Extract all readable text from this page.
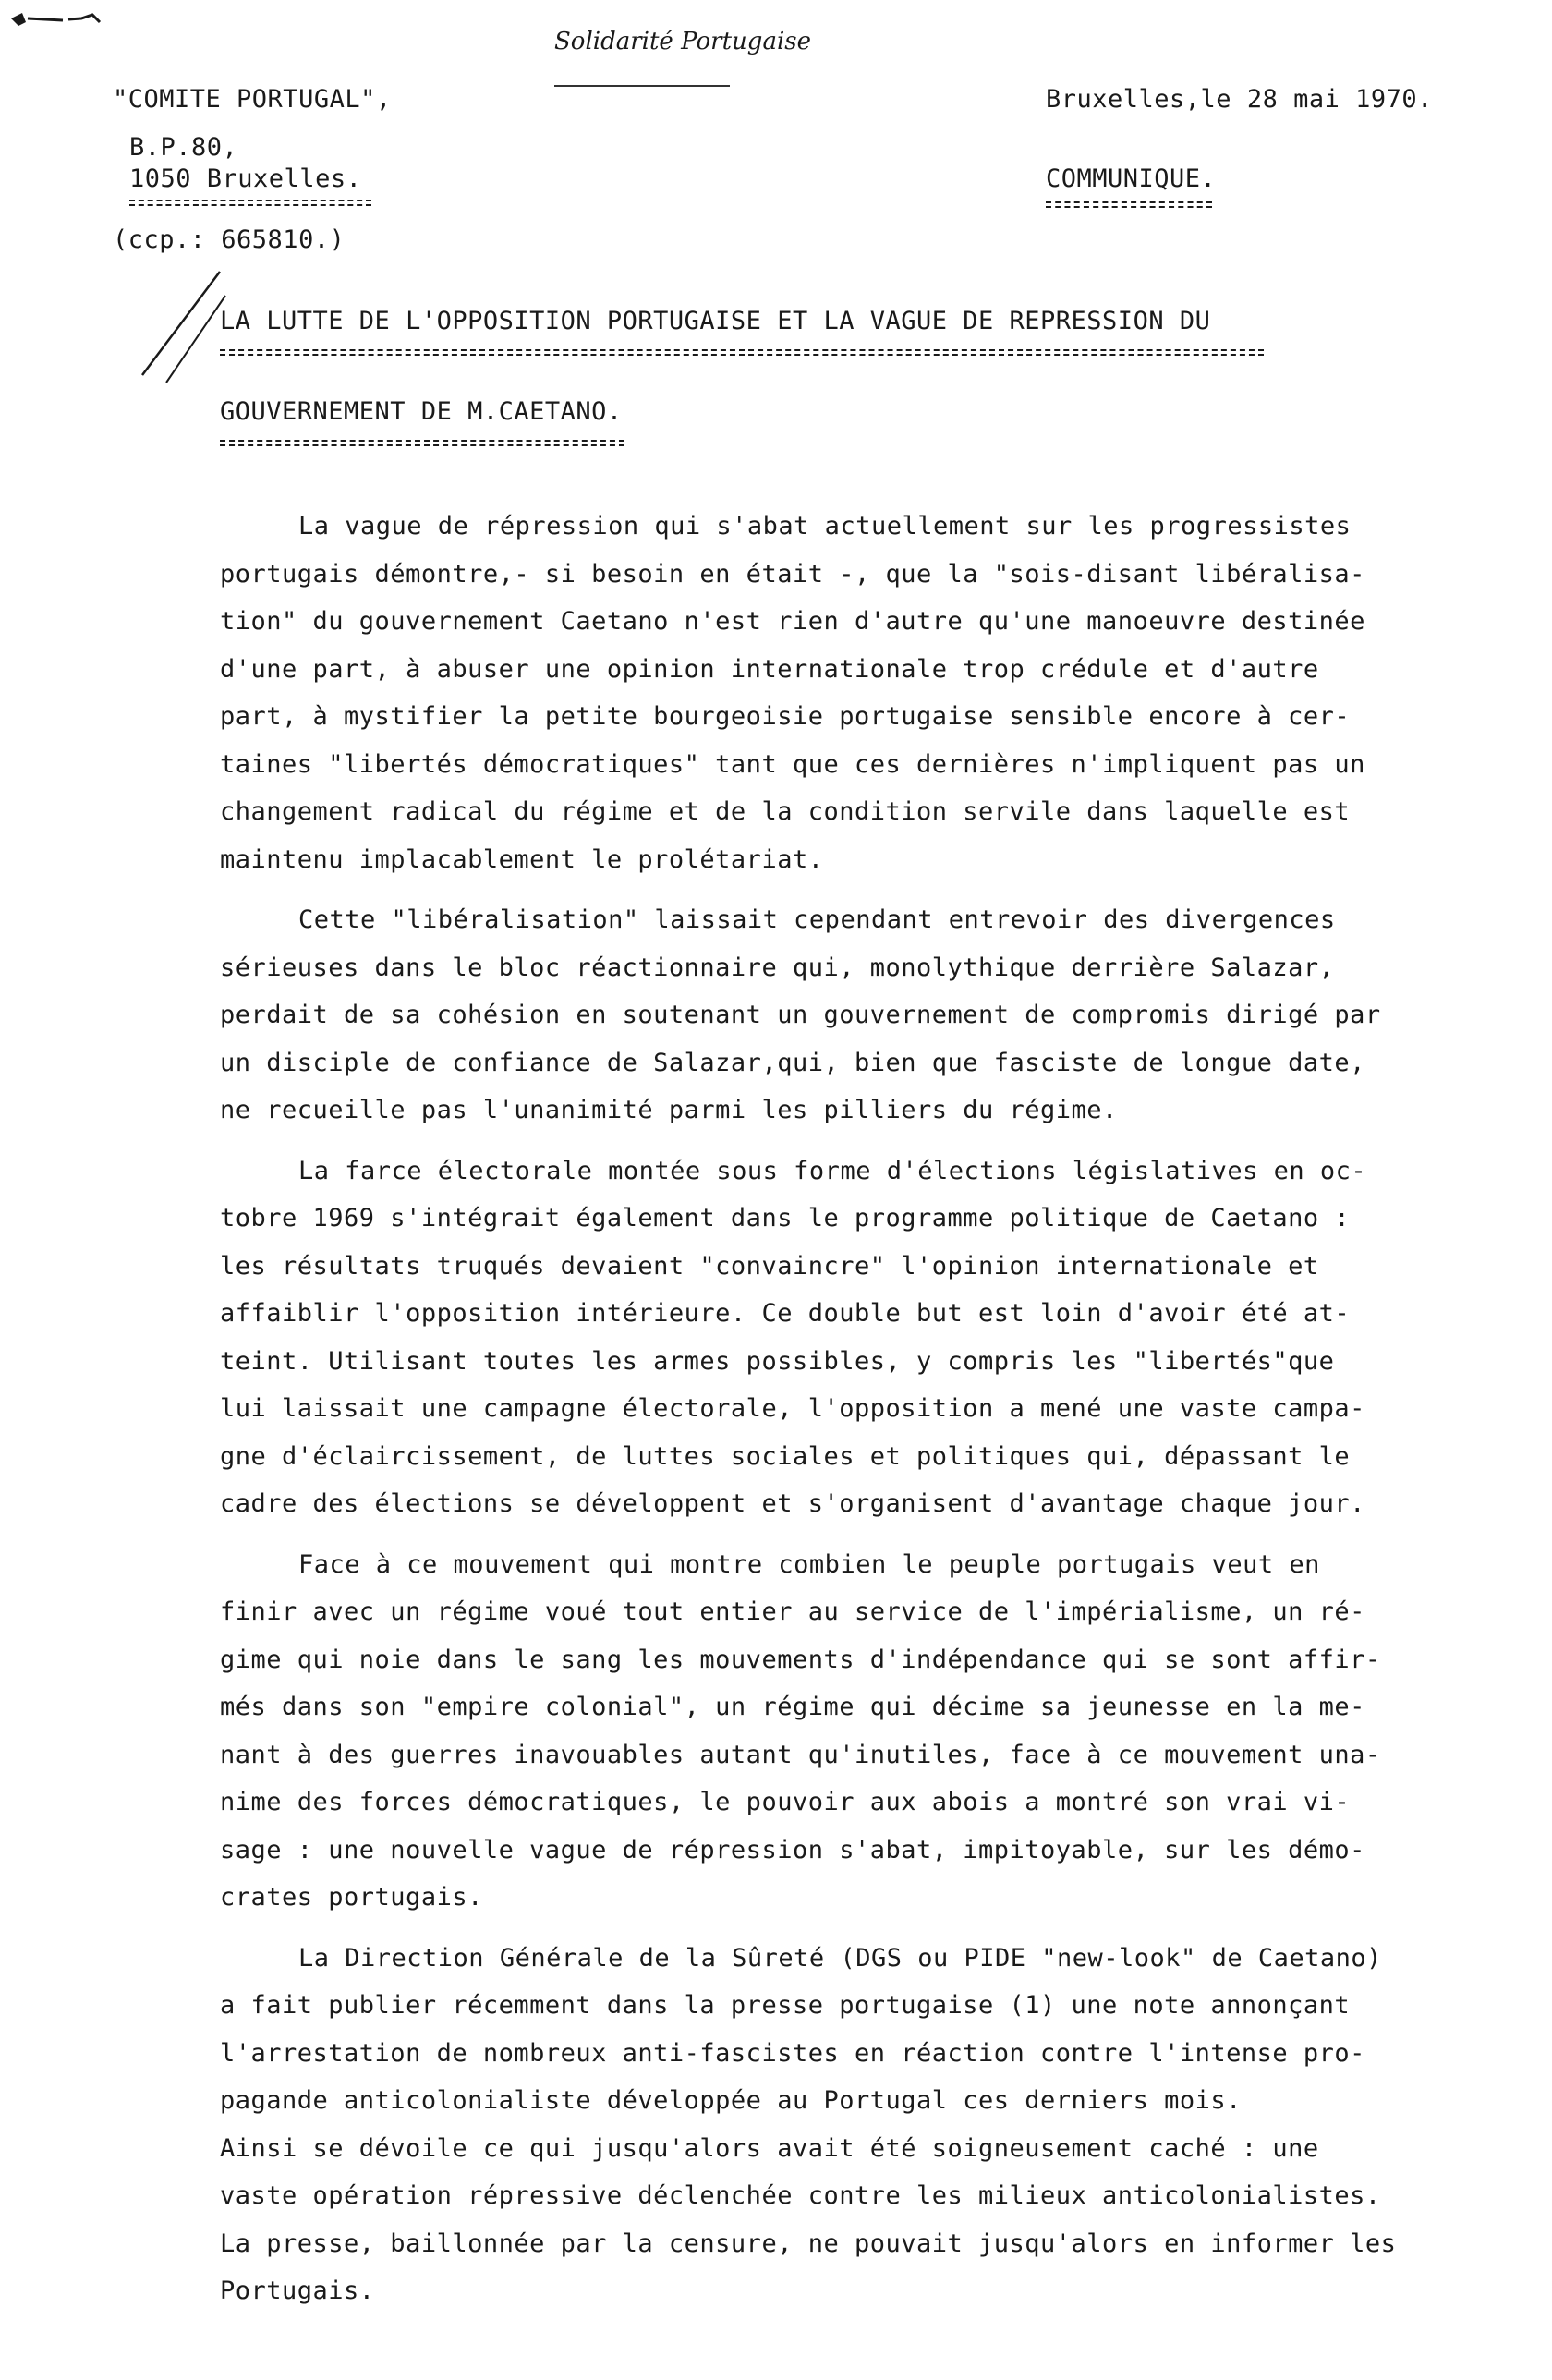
Solidarité Portugaise
"COMITE PORTUGAL",
B.P.80,
1050 Bruxelles.
(ccp.: 665810.)
Bruxelles,le 28 mai 1970.
COMMUNIQUE.
LA LUTTE DE L'OPPOSITION PORTUGAISE ET LA VAGUE DE REPRESSION DU
GOUVERNEMENT DE M.CAETANO.
La vague de répression qui s'abat actuellement sur les progressistes
portugais démontre,- si besoin en était -, que la "sois-disant libéralisa-
tion" du gouvernement Caetano n'est rien d'autre qu'une manoeuvre destinée
d'une part, à abuser une opinion internationale trop crédule et d'autre
part, à mystifier la petite bourgeoisie portugaise sensible encore à cer-
taines "libertés démocratiques" tant que ces dernières n'impliquent pas un
changement radical du régime et de la condition servile dans laquelle est
maintenu implacablement le prolétariat.
Cette "libéralisation" laissait cependant entrevoir des divergences
sérieuses dans le bloc réactionnaire qui, monolythique derrière Salazar,
perdait de sa cohésion en soutenant un gouvernement de compromis dirigé par
un disciple de confiance de Salazar,qui, bien que fasciste de longue date,
ne recueille pas l'unanimité parmi les pilliers du régime.
La farce électorale montée sous forme d'élections législatives en oc-
tobre 1969 s'intégrait également dans le programme politique de Caetano :
les résultats truqués devaient "convaincre" l'opinion internationale et
affaiblir l'opposition intérieure. Ce double but est loin d'avoir été at-
teint. Utilisant toutes les armes possibles, y compris les "libertés"que
lui laissait une campagne électorale, l'opposition a mené une vaste campa-
gne d'éclaircissement, de luttes sociales et politiques qui, dépassant le
cadre des élections se développent et s'organisent d'avantage chaque jour.
Face à ce mouvement qui montre combien le peuple portugais veut en
finir avec un régime voué tout entier au service de l'impérialisme, un ré-
gime qui noie dans le sang les mouvements d'indépendance qui se sont affir-
més dans son "empire colonial", un régime qui décime sa jeunesse en la me-
nant à des guerres inavouables autant qu'inutiles, face à ce mouvement una-
nime des forces démocratiques, le pouvoir aux abois a montré son vrai vi-
sage : une nouvelle vague de répression s'abat, impitoyable, sur les démo-
crates portugais.
La Direction Générale de la Sûreté (DGS ou PIDE "new-look" de Caetano)
a fait publier récemment dans la presse portugaise (1) une note annonçant
l'arrestation de nombreux anti-fascistes en réaction contre l'intense pro-
pagande anticolonialiste développée au Portugal ces derniers mois.
Ainsi se dévoile ce qui jusqu'alors avait été soigneusement caché : une
vaste opération répressive déclenchée contre les milieux anticolonialistes.
La presse, baillonnée par la censure, ne pouvait jusqu'alors en informer les
Portugais.
